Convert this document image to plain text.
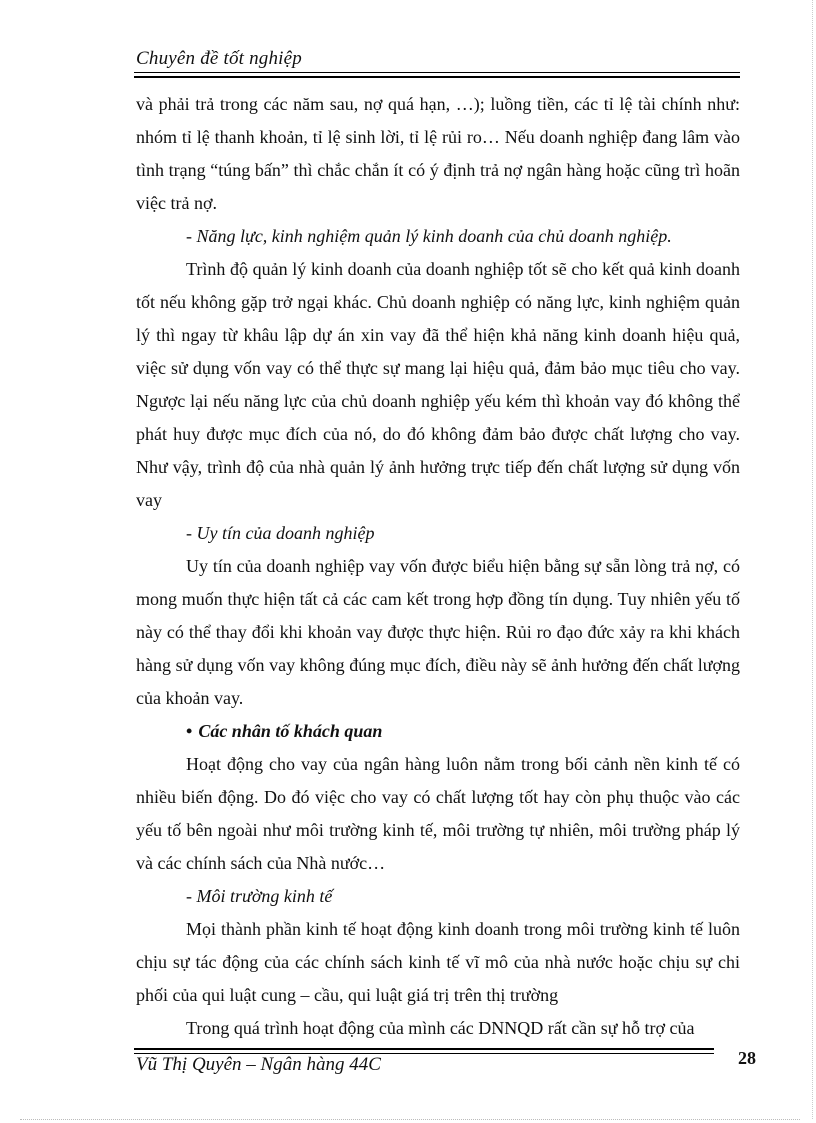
Chuyên đề tốt nghiệp

và phải trả trong các năm sau, nợ quá hạn, …); luồng tiền, các tỉ lệ tài chính như: nhóm tỉ lệ thanh khoản, tỉ lệ sinh lời, tỉ lệ rủi ro… Nếu doanh nghiệp đang lâm vào tình trạng “túng bấn” thì chắc chắn ít có ý định trả nợ ngân hàng hoặc cũng trì hoãn việc trả nợ.

- Năng lực, kinh nghiệm quản lý kinh doanh của chủ doanh nghiệp.

Trình độ quản lý kinh doanh của doanh nghiệp tốt sẽ cho kết quả kinh doanh tốt nếu không gặp trở ngại khác. Chủ doanh nghiệp có năng lực, kinh nghiệm quản lý thì ngay từ khâu lập dự án xin vay đã thể hiện khả năng kinh doanh hiệu quả, việc sử dụng vốn vay có thể thực sự mang lại hiệu quả, đảm bảo mục tiêu cho vay. Ngược lại nếu năng lực của chủ doanh nghiệp yếu kém thì khoản vay đó không thể phát huy được mục đích của nó, do đó không đảm bảo được chất lượng cho vay. Như vậy, trình độ của nhà quản lý ảnh hưởng trực tiếp đến chất lượng sử dụng vốn vay

- Uy tín của doanh nghiệp

Uy tín của doanh nghiệp vay vốn được biểu hiện bằng sự sẵn lòng trả nợ, có mong muốn thực hiện tất cả các cam kết trong hợp đồng tín dụng. Tuy nhiên yếu tố này có thể thay đổi khi khoản vay được thực hiện. Rủi ro đạo đức xảy ra khi khách hàng sử dụng vốn vay không đúng mục đích, điều này sẽ ảnh hưởng đến chất lượng của khoản vay.

• Các nhân tố khách quan

Hoạt động cho vay của ngân hàng luôn nằm trong bối cảnh nền kinh tế có nhiều biến động. Do đó việc cho vay có chất lượng tốt hay còn phụ thuộc vào các yếu tố bên ngoài như môi trường kinh tế, môi trường tự nhiên, môi trường pháp lý và các chính sách của Nhà nước…

- Môi trường kinh tế

Mọi thành phần kinh tế hoạt động kinh doanh trong môi trường kinh tế luôn chịu sự tác động của các chính sách kinh tế vĩ mô của nhà nước hoặc chịu sự chi phối của qui luật cung – cầu, qui luật giá trị trên thị trường

Trong quá trình hoạt động của mình các DNNQD rất cần sự hỗ trợ của

Vũ Thị Quyên – Ngân hàng 44C	28
